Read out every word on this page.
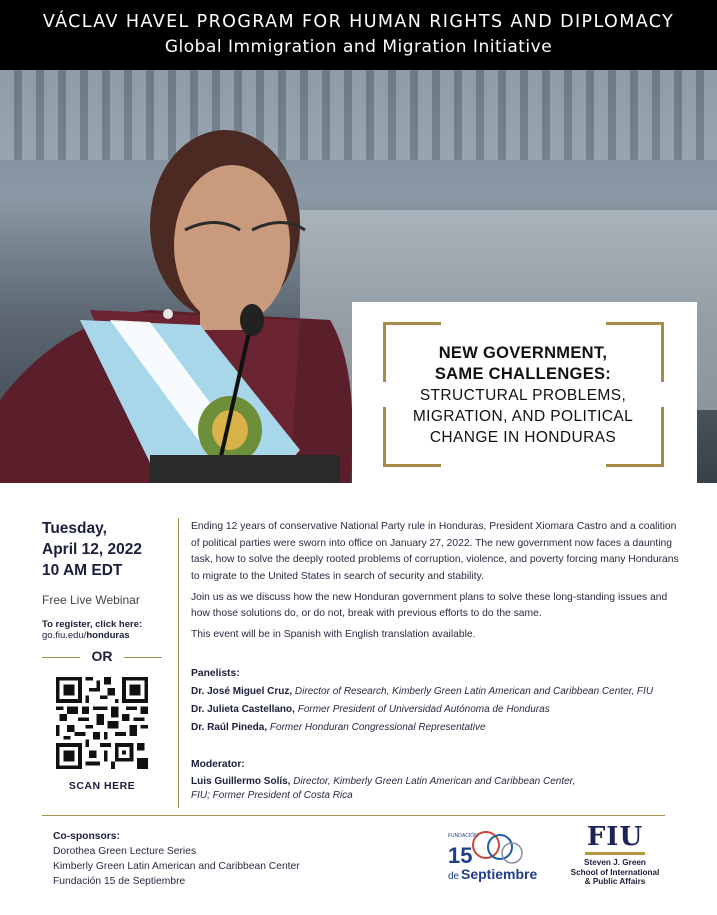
VÁCLAV HAVEL PROGRAM FOR HUMAN RIGHTS AND DIPLOMACY
Global Immigration and Migration Initiative
NEW GOVERNMENT,
SAME CHALLENGES:
STRUCTURAL PROBLEMS,
MIGRATION, AND POLITICAL
CHANGE IN HONDURAS
Tuesday,
April 12, 2022
10 AM EDT
Free Live Webinar
To register, click here:
go.fiu.edu/honduras
OR
SCAN HERE

Ending 12 years of conservative National Party rule in Honduras, President Xiomara Castro and a coalition of political parties were sworn into office on January 27, 2022. The new government now faces a daunting task, how to solve the deeply rooted problems of corruption, violence, and poverty forcing many Hondurans to migrate to the United States in search of security and stability.

Join us as we discuss how the new Honduran government plans to solve these long-standing issues and how those solutions do, or do not, break with previous efforts to do the same.

This event will be in Spanish with English translation available.

Panelists:
Dr. José Miguel Cruz, Director of Research, Kimberly Green Latin American and Caribbean Center, FIU
Dr. Julieta Castellano, Former President of Universidad Autónoma de Honduras
Dr. Raúl Pineda, Former Honduran Congressional Representative
Moderator:
Luis Guillermo Solís, Director, Kimberly Green Latin American and Caribbean Center,
FIU; Former President of Costa Rica
Co-sponsors:
Dorothea Green Lecture Series
Kimberly Green Latin American and Caribbean Center
Fundación 15 de Septiembre
FUNDACIÓN
15
de Septiembre
FIU
Steven J. Green
School of International
& Public Affairs
